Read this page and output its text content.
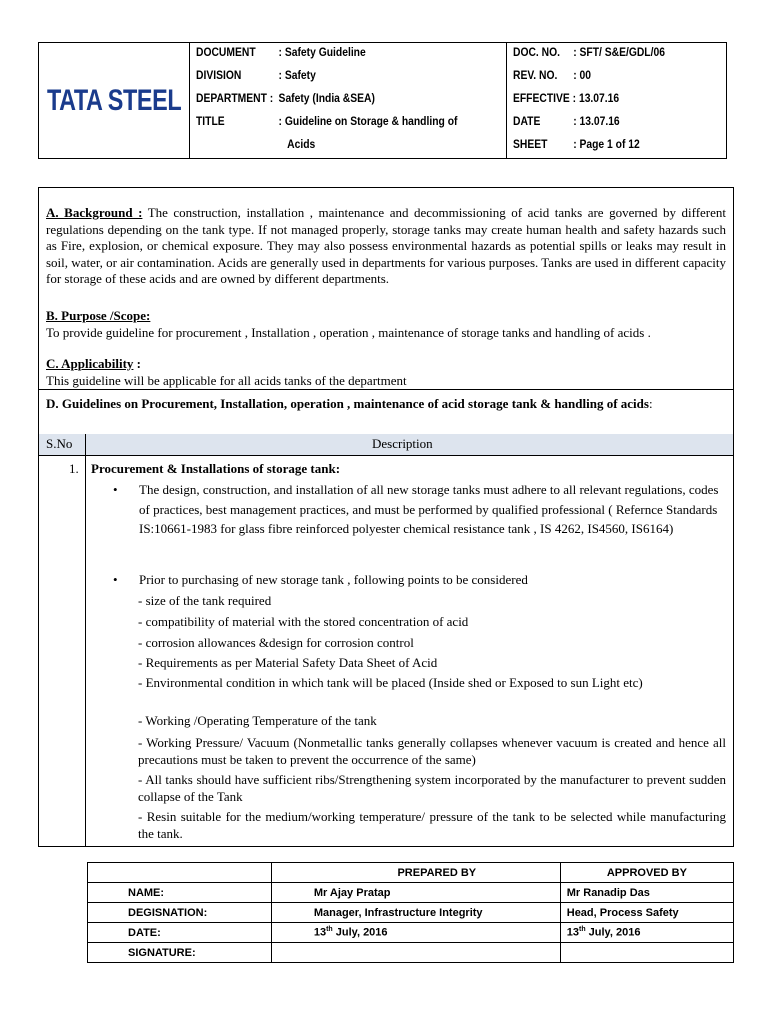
TATA STEEL
DOCUMENT : Safety Guideline
DIVISION	: Safety
DEPARTMENT : Safety (India &SEA)
TITLE	: Guideline on Storage & handling of
Acids
DOC. NO. : SFT/ S&E/GDL/06
REV. NO. : 00
EFFECTIVE : 13.07.16
DATE	: 13.07.16
SHEET : Page 1 of 12
A. Background : The construction, installation , maintenance and decommissioning of acid tanks are governed by different regulations depending on the tank type. If not managed properly, storage tanks may create human health and safety hazards such as Fire, explosion, or chemical exposure. They may also possess environmental hazards as potential spills or leaks may result in soil, water, or air contamination. Acids are generally used in departments for various purposes. Tanks are used in different capacity for storage of these acids and are owned by different departments.
B. Purpose /Scope:
To provide guideline for procurement , Installation , operation , maintenance of storage tanks and handling of acids .
C. Applicability :
This guideline will be applicable for all acids tanks of the department
D. Guidelines on Procurement, Installation, operation , maintenance of acid storage tank & handling of acids:
S.No	Description
1. Procurement & Installations of storage tank:
• The design, construction, and installation of all new storage tanks must adhere to all relevant regulations, codes of practices, best management practices, and must be performed by qualified professional ( Refernce Standards IS:10661-1983 for glass fibre reinforced polyester chemical resistance tank , IS 4262, IS4560, IS6164)
• Prior to purchasing of new storage tank , following points to be considered
- size of the tank required
- compatibility of material with the stored concentration of acid
- corrosion allowances &design for corrosion control
- Requirements as per Material Safety Data Sheet of Acid
- Environmental condition in which tank will be placed (Inside shed or Exposed to sun Light etc)
- Working /Operating Temperature of the tank
- Working Pressure/ Vacuum (Nonmetallic tanks generally collapses whenever vacuum is created and hence all precautions must be taken to prevent the occurrence of the same)
- All tanks should have sufficient ribs/Strengthening system incorporated by the manufacturer to prevent sudden collapse of the Tank
- Resin suitable for the medium/working temperature/ pressure of the tank to be selected while manufacturing the tank.
	PREPARED BY	APPROVED BY
NAME:	Mr Ajay Pratap	Mr Ranadip Das
DEGISNATION:	Manager, Infrastructure Integrity	Head, Process Safety
DATE:	13th July, 2016	13th July, 2016
SIGNATURE:		
